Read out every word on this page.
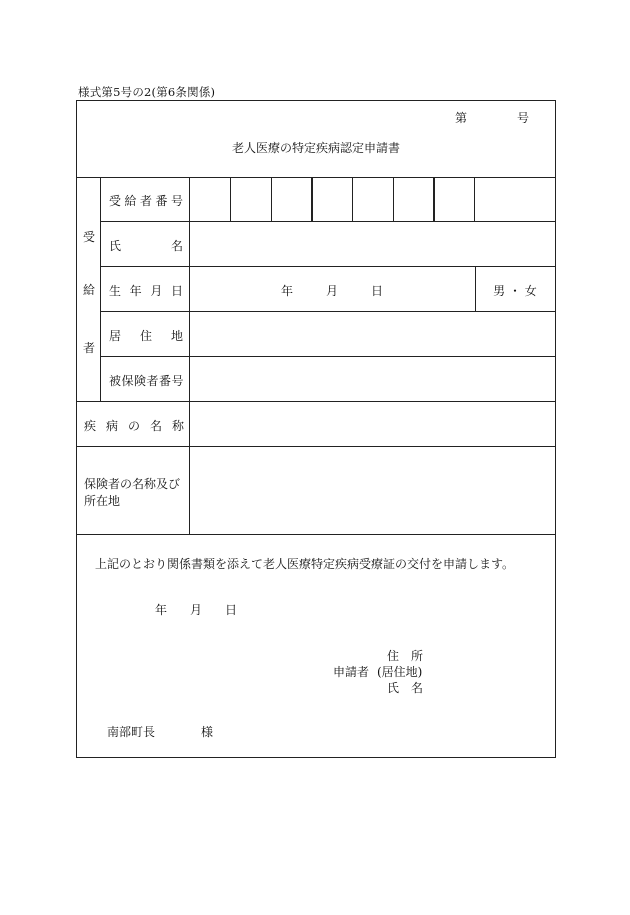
様式第5号の2(第6条関係)
第	号
老人医療の特定疾病認定申請書
受
給
者
受 給 者 番 号
氏	名
生 年 月 日	年	月	日	男 ・ 女
居 住 地
被保険者番号
疾 病 の 名 称
保険者の名称及び
所在地
上記のとおり関係書類を添えて老人医療特定疾病受療証の交付を申請します。
年 月 日
住　所
申請者 (居住地)
氏　名
南部町長	様
